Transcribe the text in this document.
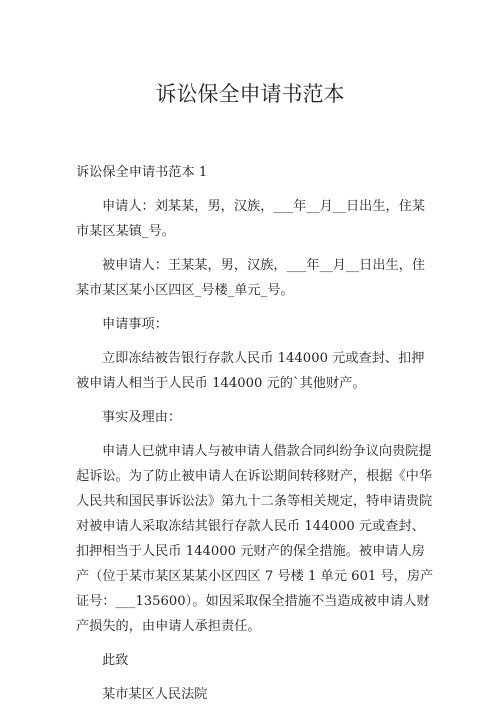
诉讼保全申请书范本

诉讼保全申请书范本 1

申请人：刘某某，男，汉族，___年__月__日出生，住某市某区某镇_号。

被申请人：王某某，男，汉族，___年__月__日出生，住某市某区某小区四区_号楼_单元_号。

申请事项：

立即冻结被告银行存款人民币 144000 元或查封、扣押被申请人相当于人民币 144000 元的`其他财产。

事实及理由：

申请人已就申请人与被申请人借款合同纠纷争议向贵院提起诉讼。为了防止被申请人在诉讼期间转移财产，根据《中华人民共和国民事诉讼法》第九十二条等相关规定，特申请贵院对被申请人采取冻结其银行存款人民币 144000 元或查封、扣押相当于人民币 144000 元财产的保全措施。被申请人房产（位于某市某区某某小区四区 7 号楼 1 单元 601 号，房产证号：___135600）。如因采取保全措施不当造成被申请人财产损失的，由申请人承担责任。

此致

某市某区人民法院
